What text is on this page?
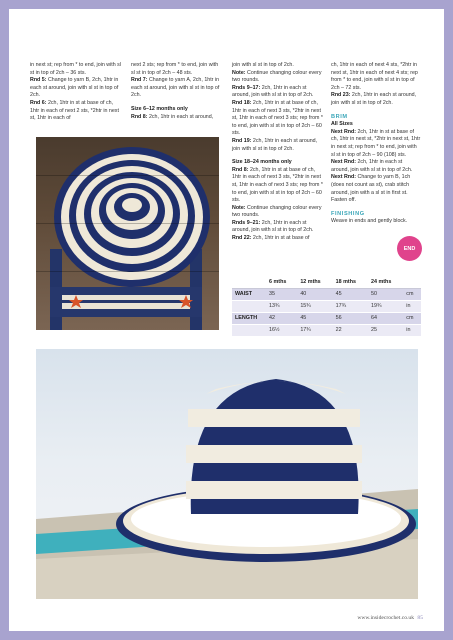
in next st; rep from * to end, join with sl st in top of 2ch – 36 sts.

Rnd 5: Change to yarn B, 2ch, 1htr in each st around, join with sl st in top of 2ch.

Rnd 6: 2ch, 1htr in st at base of ch, 1htr in each of next 2 sts, *2htr in next st, 1htr in each of

next 2 sts; rep from * to end, join with sl st in top of 2ch – 48 sts.

Rnd 7: Change to yarn A, 2ch, 1htr in each st around, join with sl st in top of 2ch.

Size 6–12 months only

Rnd 8: 2ch, 1htr in each st around,

join with sl st in top of 2ch.

Note: Continue changing colour every two rounds.

Rnds 9–17: 2ch, 1htr in each st around, join with sl st in top of 2ch.

Rnd 18: 2ch, 1htr in st at base of ch, 1htr in each of next 3 sts, *2htr in next st, 1htr in each of next 3 sts; rep from * to end, join with sl st in top of 2ch – 60 sts.

Rnd 19: 2ch, 1htr in each st around, join with sl st in top of 2ch.

Size 18–24 months only

Rnd 8: 2ch, 1htr in st at base of ch, 1htr in each of next 3 sts, *2htr in next st, 1htr in each of next 3 sts; rep from * to end, join with sl st in top of 2ch – 60 sts.

Note: Continue changing colour every two rounds.

Rnds 9–21: 2ch, 1htr in each st around, join with sl st in top of 2ch.

Rnd 22: 2ch, 1htr in st at base of

ch, 1htr in each of next 4 sts, *2htr in next st, 1htr in each of next 4 sts; rep from * to end, join with sl st in top of 2ch – 72 sts.

Rnd 23: 2ch, 1htr in each st around, join with sl st in top of 2ch.

BRIM

All Sizes

Next Rnd: 2ch, 1htr in st at base of ch, 1htr in next st, *2htr in next st, 1htr in next st; rep from * to end, join with sl st in top of 2ch – 90 (108) sts.

Next Rnd: 2ch, 1htr in each st around, join with sl st in top of 2ch.

Next Rnd: Change to yarn B, 1ch (does not count as st), crab stitch around, join with a sl st in first st. Fasten off.

FINISHING

Weave in ends and gently block.

END
	6 mths	12 mths	18 mths	24 mths	
WAIST	35	40	45	50	cm
	13¾	15¾	17¾	19¾	in
LENGTH	42	45	56	64	cm
	16½	17¾	22	25	in
www.insidecrochet.co.uk 85
